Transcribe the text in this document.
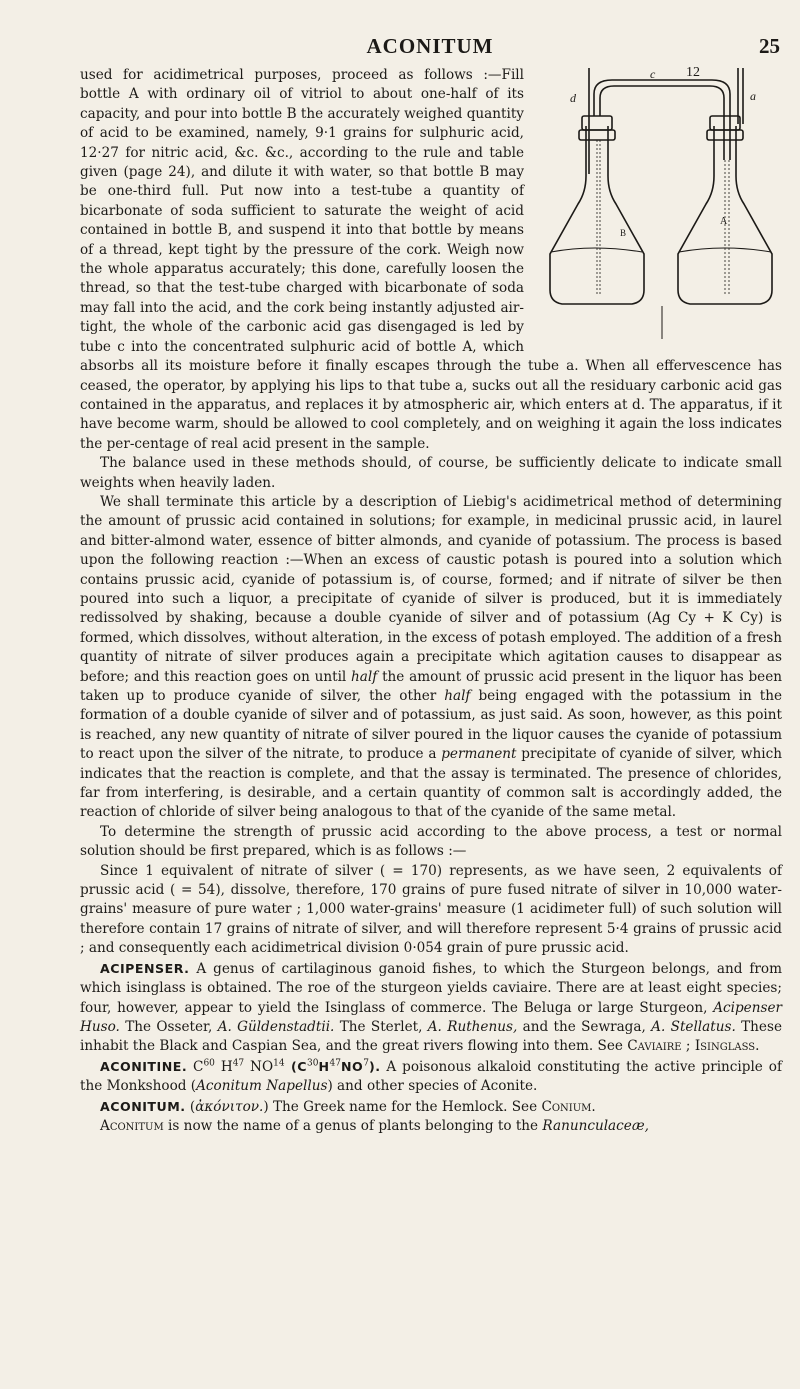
ACONITUM	25
12
d
c
a
B
A

used for acidimetrical purposes, proceed as follows :—Fill bottle A with ordinary oil of vitriol to about one-half of its capacity, and pour into bottle B the accurately weighed quantity of acid to be examined, namely, 9·1 grains for sulphuric acid, 12·27 for nitric acid, &c. &c., according to the rule and table given (page 24), and dilute it with water, so that bottle B may be one-third full. Put now into a test-tube a quantity of bicarbonate of soda sufficient to saturate the weight of acid contained in bottle B, and suspend it into that bottle by means of a thread, kept tight by the pressure of the cork. Weigh now the whole apparatus accurately; this done, carefully loosen the thread, so that the test-tube charged with bicarbonate of soda may fall into the acid, and the cork being instantly adjusted air-tight, the whole of the carbonic acid gas disengaged is led by tube c into the concentrated sulphuric acid of bottle A, which absorbs all its moisture before it finally escapes through the tube a. When all effervescence has ceased, the operator, by applying his lips to that tube a, sucks out all the residuary carbonic acid gas contained in the apparatus, and replaces it by atmospheric air, which enters at d. The apparatus, if it have become warm, should be allowed to cool completely, and on weighing it again the loss indicates the per-centage of real acid present in the sample.

The balance used in these methods should, of course, be sufficiently delicate to indicate small weights when heavily laden.

We shall terminate this article by a description of Liebig's acidimetrical method of determining the amount of prussic acid contained in solutions; for example, in medicinal prussic acid, in laurel and bitter-almond water, essence of bitter almonds, and cyanide of potassium. The process is based upon the following reaction :—When an excess of caustic potash is poured into a solution which contains prussic acid, cyanide of potassium is, of course, formed; and if nitrate of silver be then poured into such a liquor, a precipitate of cyanide of silver is produced, but it is immediately redissolved by shaking, because a double cyanide of silver and of potassium (Ag Cy + K Cy) is formed, which dissolves, without alteration, in the excess of potash employed. The addition of a fresh quantity of nitrate of silver produces again a precipitate which agitation causes to disappear as before; and this reaction goes on until half the amount of prussic acid present in the liquor has been taken up to produce cyanide of silver, the other half being engaged with the potassium in the formation of a double cyanide of silver and of potassium, as just said. As soon, however, as this point is reached, any new quantity of nitrate of silver poured in the liquor causes the cyanide of potassium to react upon the silver of the nitrate, to produce a permanent precipitate of cyanide of silver, which indicates that the reaction is complete, and that the assay is terminated. The presence of chlorides, far from interfering, is desirable, and a certain quantity of common salt is accordingly added, the reaction of chloride of silver being analogous to that of the cyanide of the same metal.

To determine the strength of prussic acid according to the above process, a test or normal solution should be first prepared, which is as follows :—

Since 1 equivalent of nitrate of silver ( = 170) represents, as we have seen, 2 equivalents of prussic acid ( = 54), dissolve, therefore, 170 grains of pure fused nitrate of silver in 10,000 water-grains' measure of pure water ; 1,000 water-grains' measure (1 acidimeter full) of such solution will therefore contain 17 grains of nitrate of silver, and will therefore represent 5·4 grains of prussic acid ; and consequently each acidimetrical division 0·054 grain of pure prussic acid.

ACIPENSER. A genus of cartilaginous ganoid fishes, to which the Sturgeon belongs, and from which isinglass is obtained. The roe of the sturgeon yields caviaire. There are at least eight species; four, however, appear to yield the Isinglass of commerce. The Beluga or large Sturgeon, Acipenser Huso. The Osseter, A. Güldenstadtii. The Sterlet, A. Ruthenus, and the Sewraga, A. Stellatus. These inhabit the Black and Caspian Sea, and the great rivers flowing into them. See Caviaire ; Isinglass.

ACONITINE. $C^{60}$ $H^{47}$ NO$^{14}$ $(C^{30}H^{47}NO^7)$. A poisonous alkaloid constituting the active principle of the Monkshood (Aconitum Napellus) and other species of Aconite.

ACONITUM. (ἀκόνιτον.) The Greek name for the Hemlock. See Conium.

Aconitum is now the name of a genus of plants belonging to the Ranunculaceæ,
